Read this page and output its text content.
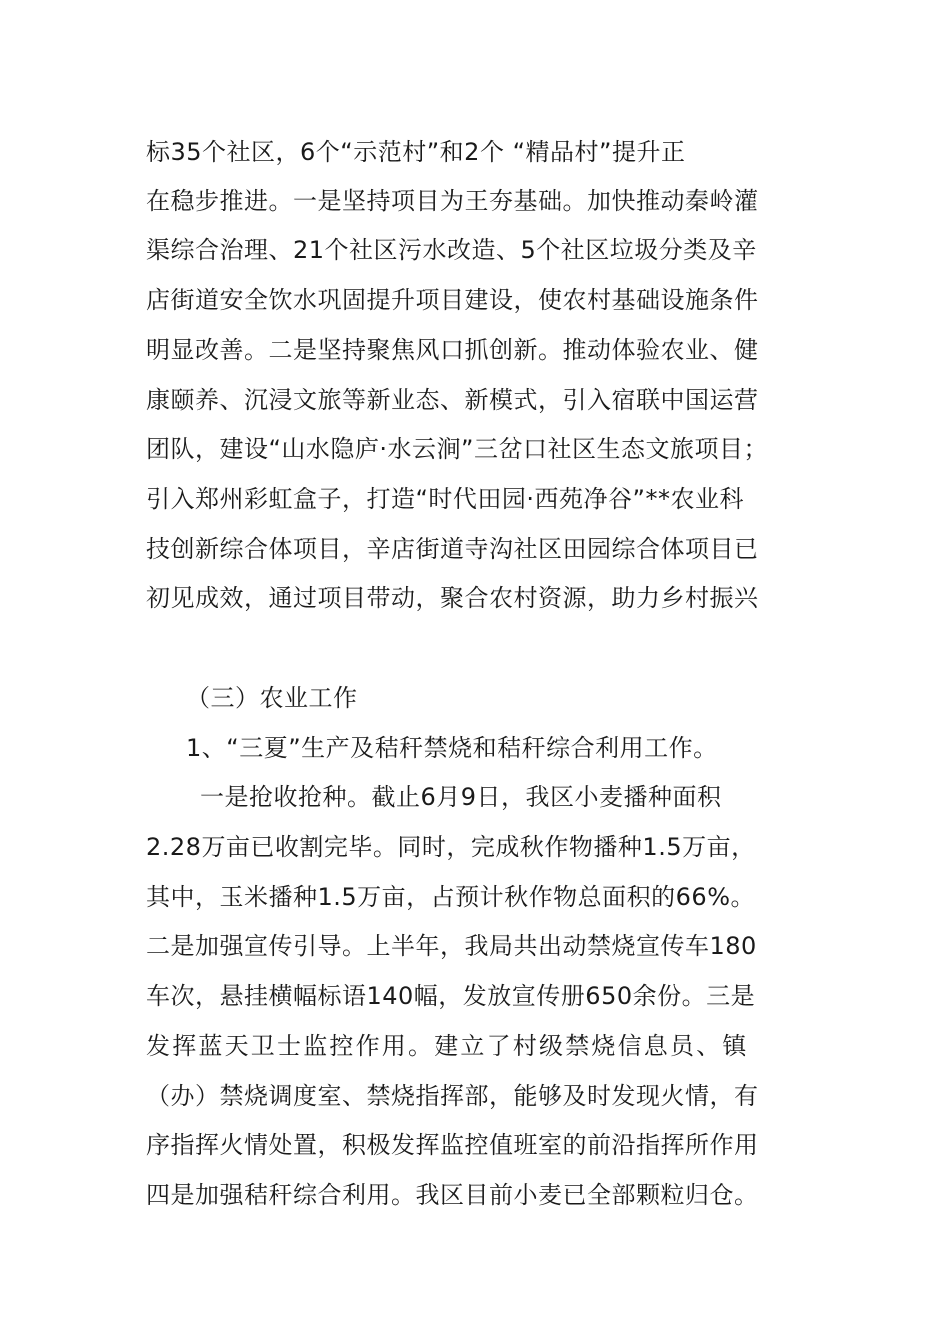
标35个社区，6个“示范村”和2个 “精品村”提升正
在稳步推进。一是坚持项目为王夯基础。加快推动秦岭灌
渠综合治理、21个社区污水改造、5个社区垃圾分类及辛
店街道安全饮水巩固提升项目建设，使农村基础设施条件
明显改善。二是坚持聚焦风口抓创新。推动体验农业、健
康颐养、沉浸文旅等新业态、新模式，引入宿联中国运营
团队，建设“山水隐庐·水云涧”三岔口社区生态文旅项目；
引入郑州彩虹盒子，打造“时代田园·西苑净谷”**农业科
技创新综合体项目，辛店街道寺沟社区田园综合体项目已
初见成效，通过项目带动，聚合农村资源，助力乡村振兴
（三）农业工作
1、“三夏”生产及秸秆禁烧和秸秆综合利用工作。
一是抢收抢种。截止6月9日，我区小麦播种面积
2.28万亩已收割完毕。同时，完成秋作物播种1.5万亩，
其中，玉米播种1.5万亩，占预计秋作物总面积的66%。
二是加强宣传引导。上半年，我局共出动禁烧宣传车180
车次，悬挂横幅标语140幅，发放宣传册650余份。三是
发挥蓝天卫士监控作用。建立了村级禁烧信息员、镇
（办）禁烧调度室、禁烧指挥部，能够及时发现火情，有
序指挥火情处置，积极发挥监控值班室的前沿指挥所作用
四是加强秸秆综合利用。我区目前小麦已全部颗粒归仓。
